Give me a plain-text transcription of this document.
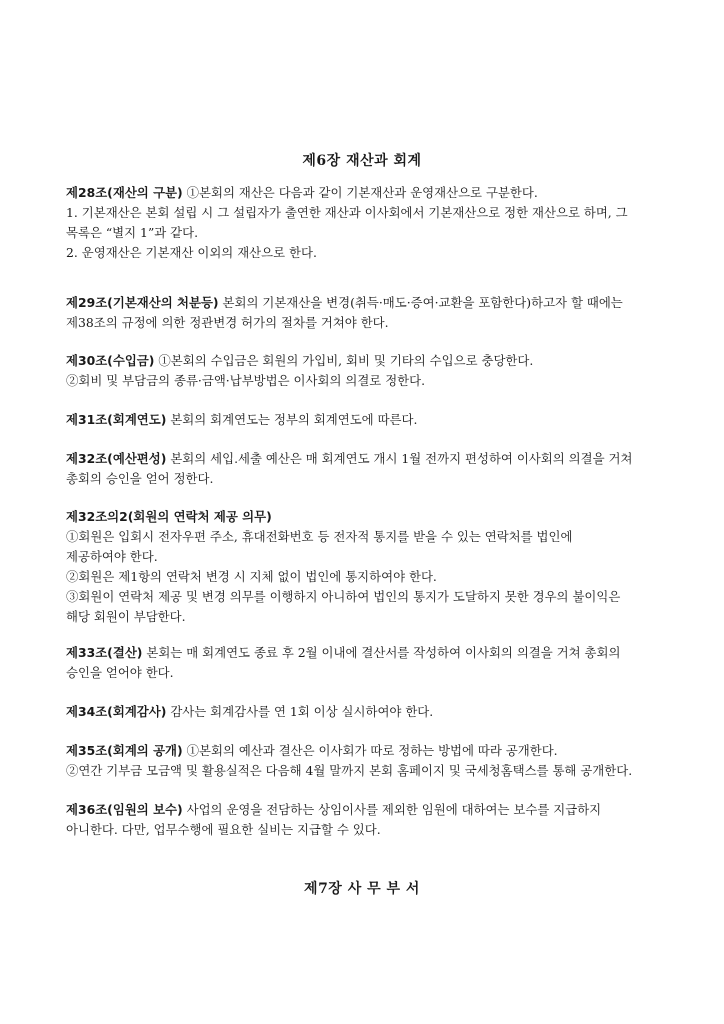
제6장 재산과 회계

제28조(재산의 구분) ①본회의 재산은 다음과 같이 기본재산과 운영재산으로 구분한다.

1. 기본재산은 본회 설립 시 그 설립자가 출연한 재산과 이사회에서 기본재산으로 정한 재산으로 하며, 그

목록은 “별지 1”과 같다.

2. 운영재산은 기본재산 이외의 재산으로 한다.

제29조(기본재산의 처분등) 본회의 기본재산을 변경(취득·매도·증여·교환을 포함한다)하고자 할 때에는

제38조의 규정에 의한 정관변경 허가의 절차를 거쳐야 한다.

제30조(수입금) ①본회의 수입금은 회원의 가입비, 회비 및 기타의 수입으로 충당한다.

②회비 및 부담금의 종류·금액·납부방법은 이사회의 의결로 정한다.

제31조(회계연도) 본회의 회계연도는 정부의 회계연도에 따른다.

제32조(예산편성) 본회의 세입.세출 예산은 매 회계연도 개시 1월 전까지 편성하여 이사회의 의결을 거쳐

총회의 승인을 얻어 정한다.

제32조의2(회원의 연락처 제공 의무)

①회원은 입회시 전자우편 주소, 휴대전화번호 등 전자적 통지를 받을 수 있는 연락처를 법인에

제공하여야 한다.

②회원은 제1항의 연락처 변경 시 지체 없이 법인에 통지하여야 한다.

③회원이 연락처 제공 및 변경 의무를 이행하지 아니하여 법인의 통지가 도달하지 못한 경우의 불이익은

해당 회원이 부담한다.

제33조(결산) 본회는 매 회계연도 종료 후 2월 이내에 결산서를 작성하여 이사회의 의결을 거쳐 총회의

승인을 얻어야 한다.

제34조(회계감사) 감사는 회계감사를 연 1회 이상 실시하여야 한다.

제35조(회계의 공개) ①본회의 예산과 결산은 이사회가 따로 정하는 방법에 따라 공개한다.

②연간 기부금 모금액 및 활용실적은 다음해 4월 말까지 본회 홈페이지 및 국세청홈택스를 통해 공개한다.

제36조(임원의 보수) 사업의 운영을 전담하는 상임이사를 제외한 임원에 대하여는 보수를 지급하지

아니한다. 다만, 업무수행에 필요한 실비는 지급할 수 있다.

제7장 사 무 부 서
